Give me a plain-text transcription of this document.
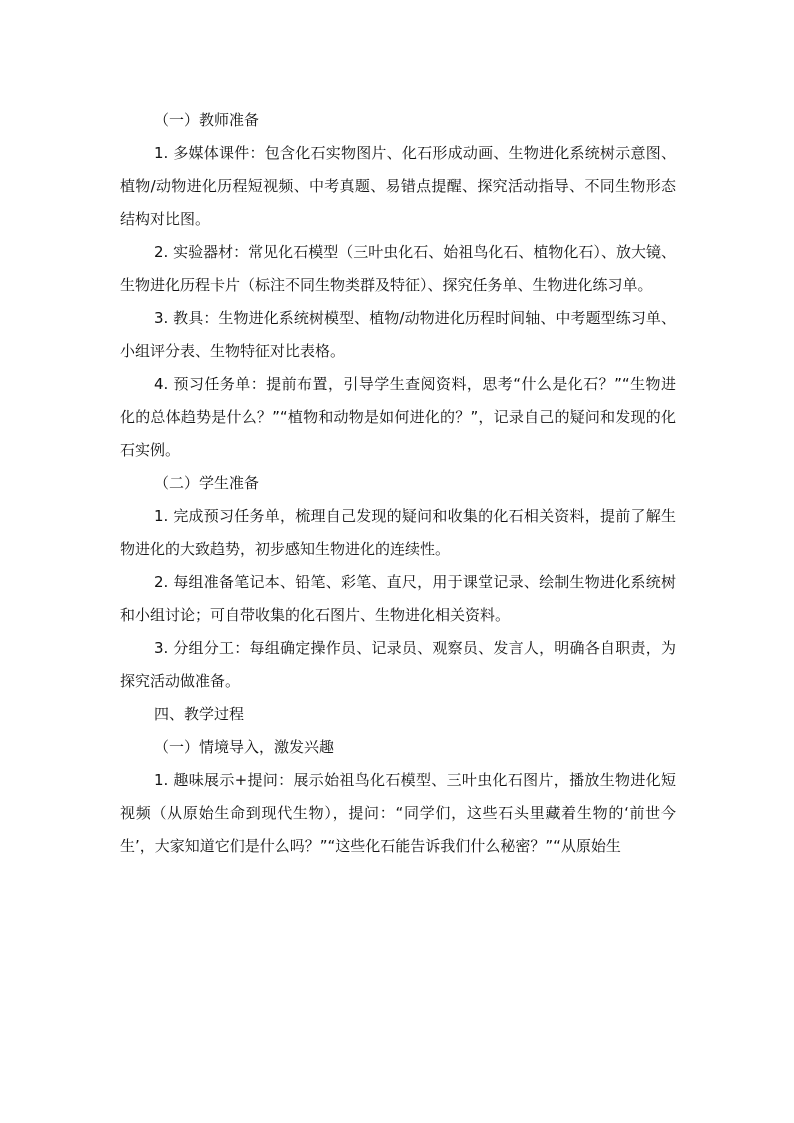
（一）教师准备

1. 多媒体课件：包含化石实物图片、化石形成动画、生物进化系统树示意图、植物/动物进化历程短视频、中考真题、易错点提醒、探究活动指导、不同生物形态结构对比图。

2. 实验器材：常见化石模型（三叶虫化石、始祖鸟化石、植物化石）、放大镜、生物进化历程卡片（标注不同生物类群及特征）、探究任务单、生物进化练习单。

3. 教具：生物进化系统树模型、植物/动物进化历程时间轴、中考题型练习单、小组评分表、生物特征对比表格。

4. 预习任务单：提前布置，引导学生查阅资料，思考“什么是化石？”“生物进化的总体趋势是什么？”“植物和动物是如何进化的？”，记录自己的疑问和发现的化石实例。

（二）学生准备

1. 完成预习任务单，梳理自己发现的疑问和收集的化石相关资料，提前了解生物进化的大致趋势，初步感知生物进化的连续性。

2. 每组准备笔记本、铅笔、彩笔、直尺，用于课堂记录、绘制生物进化系统树和小组讨论；可自带收集的化石图片、生物进化相关资料。

3. 分组分工：每组确定操作员、记录员、观察员、发言人，明确各自职责，为探究活动做准备。

四、教学过程

（一）情境导入，激发兴趣

1. 趣味展示+提问：展示始祖鸟化石模型、三叶虫化石图片，播放生物进化短视频（从原始生命到现代生物），提问：“同学们，这些石头里藏着生物的‘前世今生’，大家知道它们是什么吗？”“这些化石能告诉我们什么秘密？”“从原始生
